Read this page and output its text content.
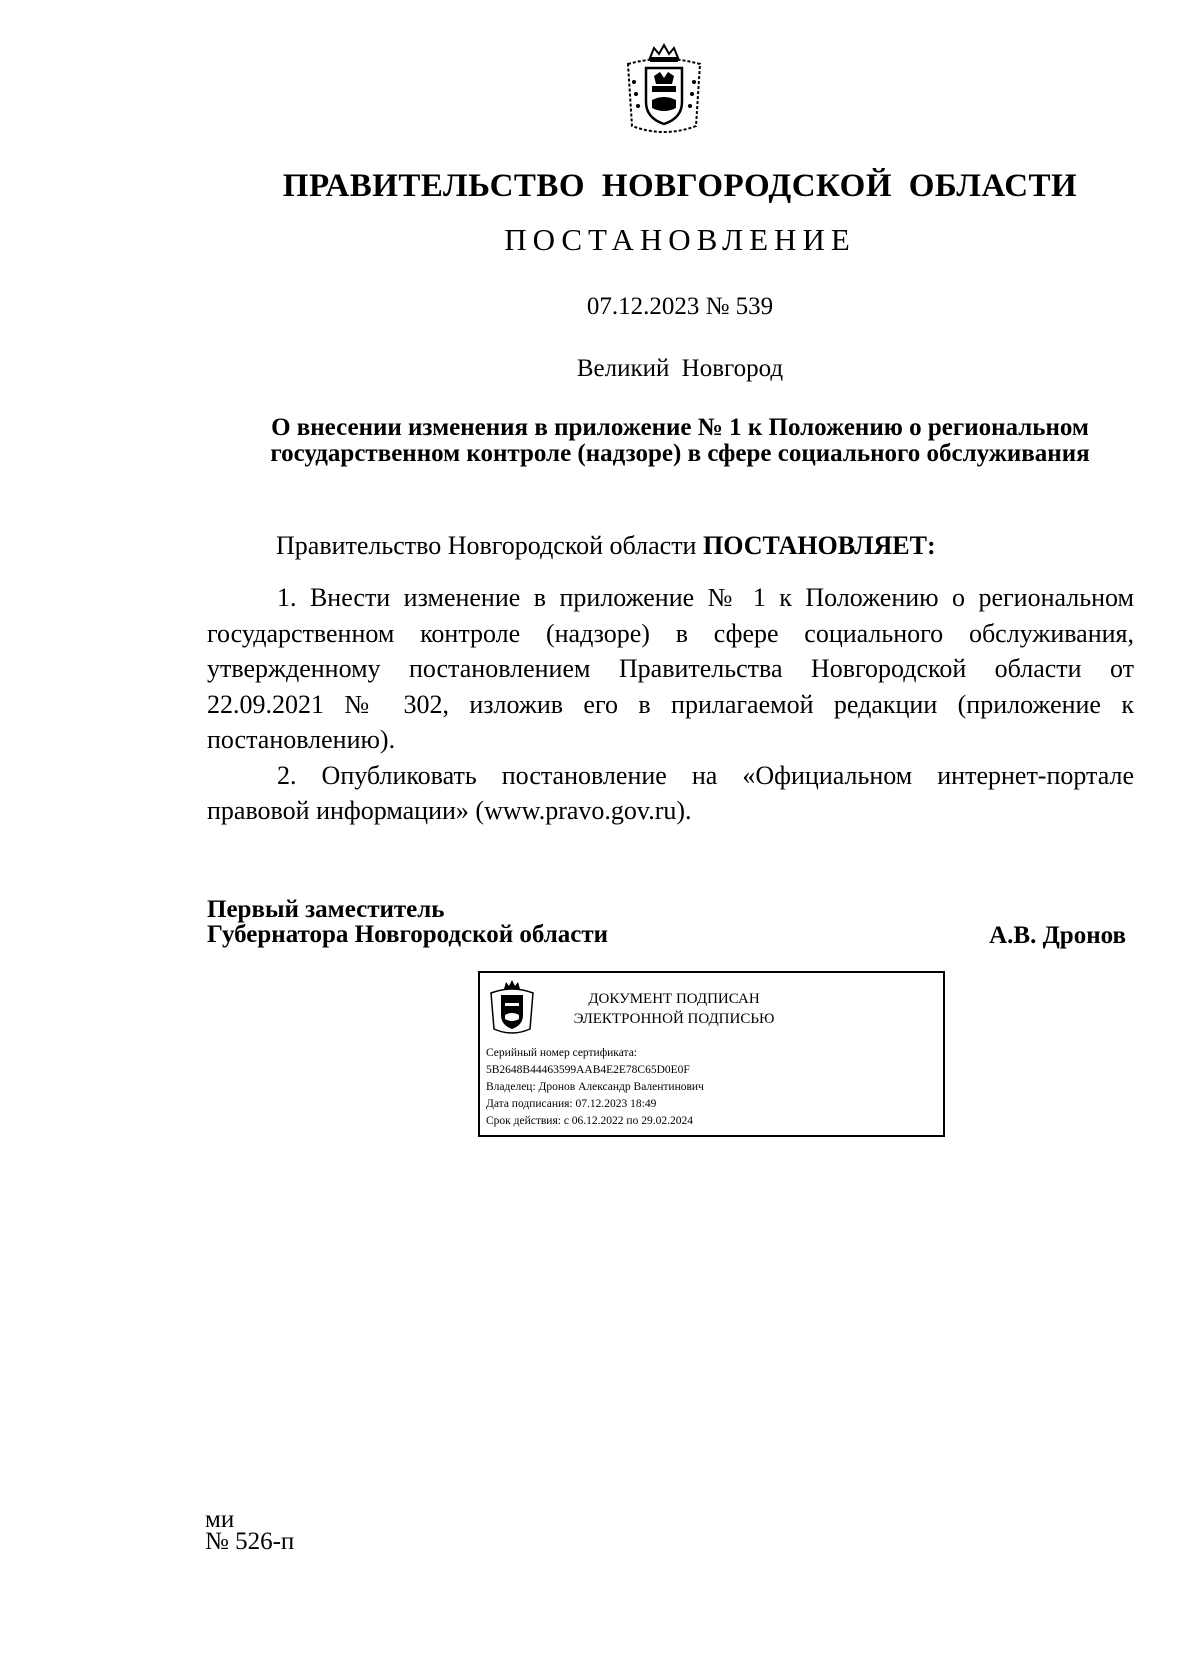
ПРАВИТЕЛЬСТВО НОВГОРОДСКОЙ ОБЛАСТИ
ПОСТАНОВЛЕНИЕ
07.12.2023 № 539
Великий Новгород
О внесении изменения в приложение № 1 к Положению о региональном
государственном контроле (надзоре) в сфере социального обслуживания
Правительство Новгородской области ПОСТАНОВЛЯЕТ:

1. Внести изменение в приложение № 1 к Положению о региональном государственном контроле (надзоре) в сфере социального обслуживания, утвержденному постановлением Правительства Новгородской области от 22.09.2021 № 302, изложив его в прилагаемой редакции (приложение к постановлению).

2. Опубликовать постановление на «Официальном интернет-портале правовой информации» (www.pravo.gov.ru).

Первый заместитель
Губернатора Новгородской области	А.В. Дронов
ДОКУМЕНТ ПОДПИСАН
ЭЛЕКТРОННОЙ ПОДПИСЬЮ
Серийный номер сертификата:
5B2648B44463599AAB4E2E78C65D0E0F
Владелец: Дронов Александр Валентинович
Дата подписания: 07.12.2023 18:49
Срок действия: с 06.12.2022 по 29.02.2024
ми
№ 526-п
